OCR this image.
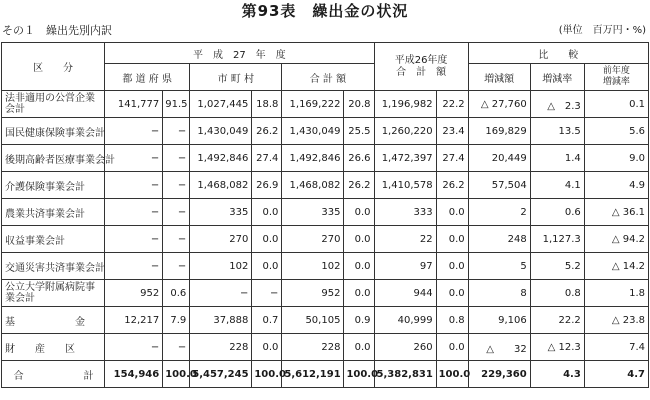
第93表　繰出金の状況
その１　繰出先別内訳	(単位　百万円・%)
区　　分	平　成　27　年　度						平成26年度
合　計　額		比　　較		
	都 道 府 県		市 町 村		合 計 額				増減額	増減率	前年度
増減率
法非適用の公営企業会計	141,777	91.5	1,027,445	18.8	1,169,222	20.8	1,196,982	22.2	△ 27,760	△　2.3	0.1
国民健康保険事業会計	−	−	1,430,049	26.2	1,430,049	25.5	1,260,220	23.4	169,829	13.5	5.6
後期高齢者医療事業会計	−	−	1,492,846	27.4	1,492,846	26.6	1,472,397	27.4	20,449	1.4	9.0
介護保険事業会計	−	−	1,468,082	26.9	1,468,082	26.2	1,410,578	26.2	57,504	4.1	4.9
農業共済事業会計	−	−	335	0.0	335	0.0	333	0.0	2	0.6	△ 36.1
収益事業会計	−	−	270	0.0	270	0.0	22	0.0	248	1,127.3	△ 94.2
交通災害共済事業会計	−	−	102	0.0	102	0.0	97	0.0	5	5.2	△ 14.2
公立大学附属病院事業会計	952	0.6	−	−	952	0.0	944	0.0	8	0.8	1.8
基　　　　　　金	12,217	7.9	37,888	0.7	50,105	0.9	40,999	0.8	9,106	22.2	△ 23.8
財　　産　　区	−	−	228	0.0	228	0.0	260	0.0	△　　32	△ 12.3	7.4
合　　　　　　計	154,946	100.0	5,457,245	100.0	5,612,191	100.0	5,382,831	100.0	229,360	4.3	4.7
